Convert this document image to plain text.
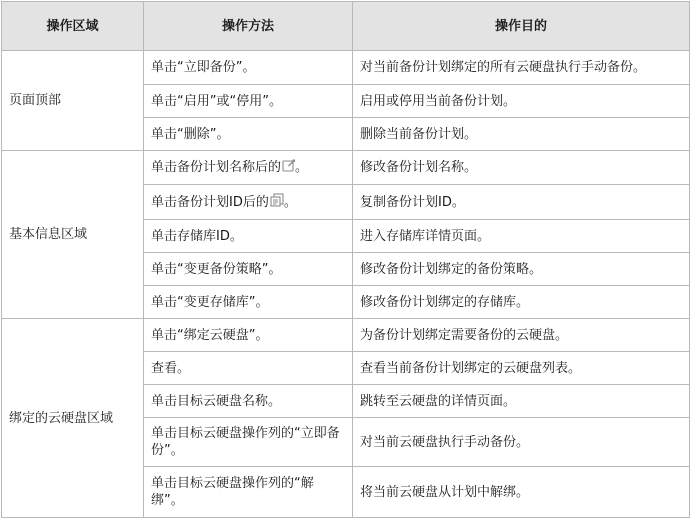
操作区域	操作方法	操作目的
页面顶部	单击“立即备份”。	对当前备份计划绑定的所有云硬盘执行手动备份。
	单击“启用”或“停用”。	启用或停用当前备份计划。
	单击“删除”。	删除当前备份计划。
基本信息区域	单击备份计划名称后的 。	修改备份计划名称。
	单击备份计划ID后的 。	复制备份计划ID。
	单击存储库ID。	进入存储库详情页面。
	单击“变更备份策略”。	修改备份计划绑定的备份策略。
	单击“变更存储库”。	修改备份计划绑定的存储库。
绑定的云硬盘区域	单击“绑定云硬盘”。	为备份计划绑定需要备份的云硬盘。
	查看。	查看当前备份计划绑定的云硬盘列表。
	单击目标云硬盘名称。	跳转至云硬盘的详情页面。
	单击目标云硬盘操作列的“立即备份”。	对当前云硬盘执行手动备份。
	单击目标云硬盘操作列的“解绑”。	将当前云硬盘从计划中解绑。
